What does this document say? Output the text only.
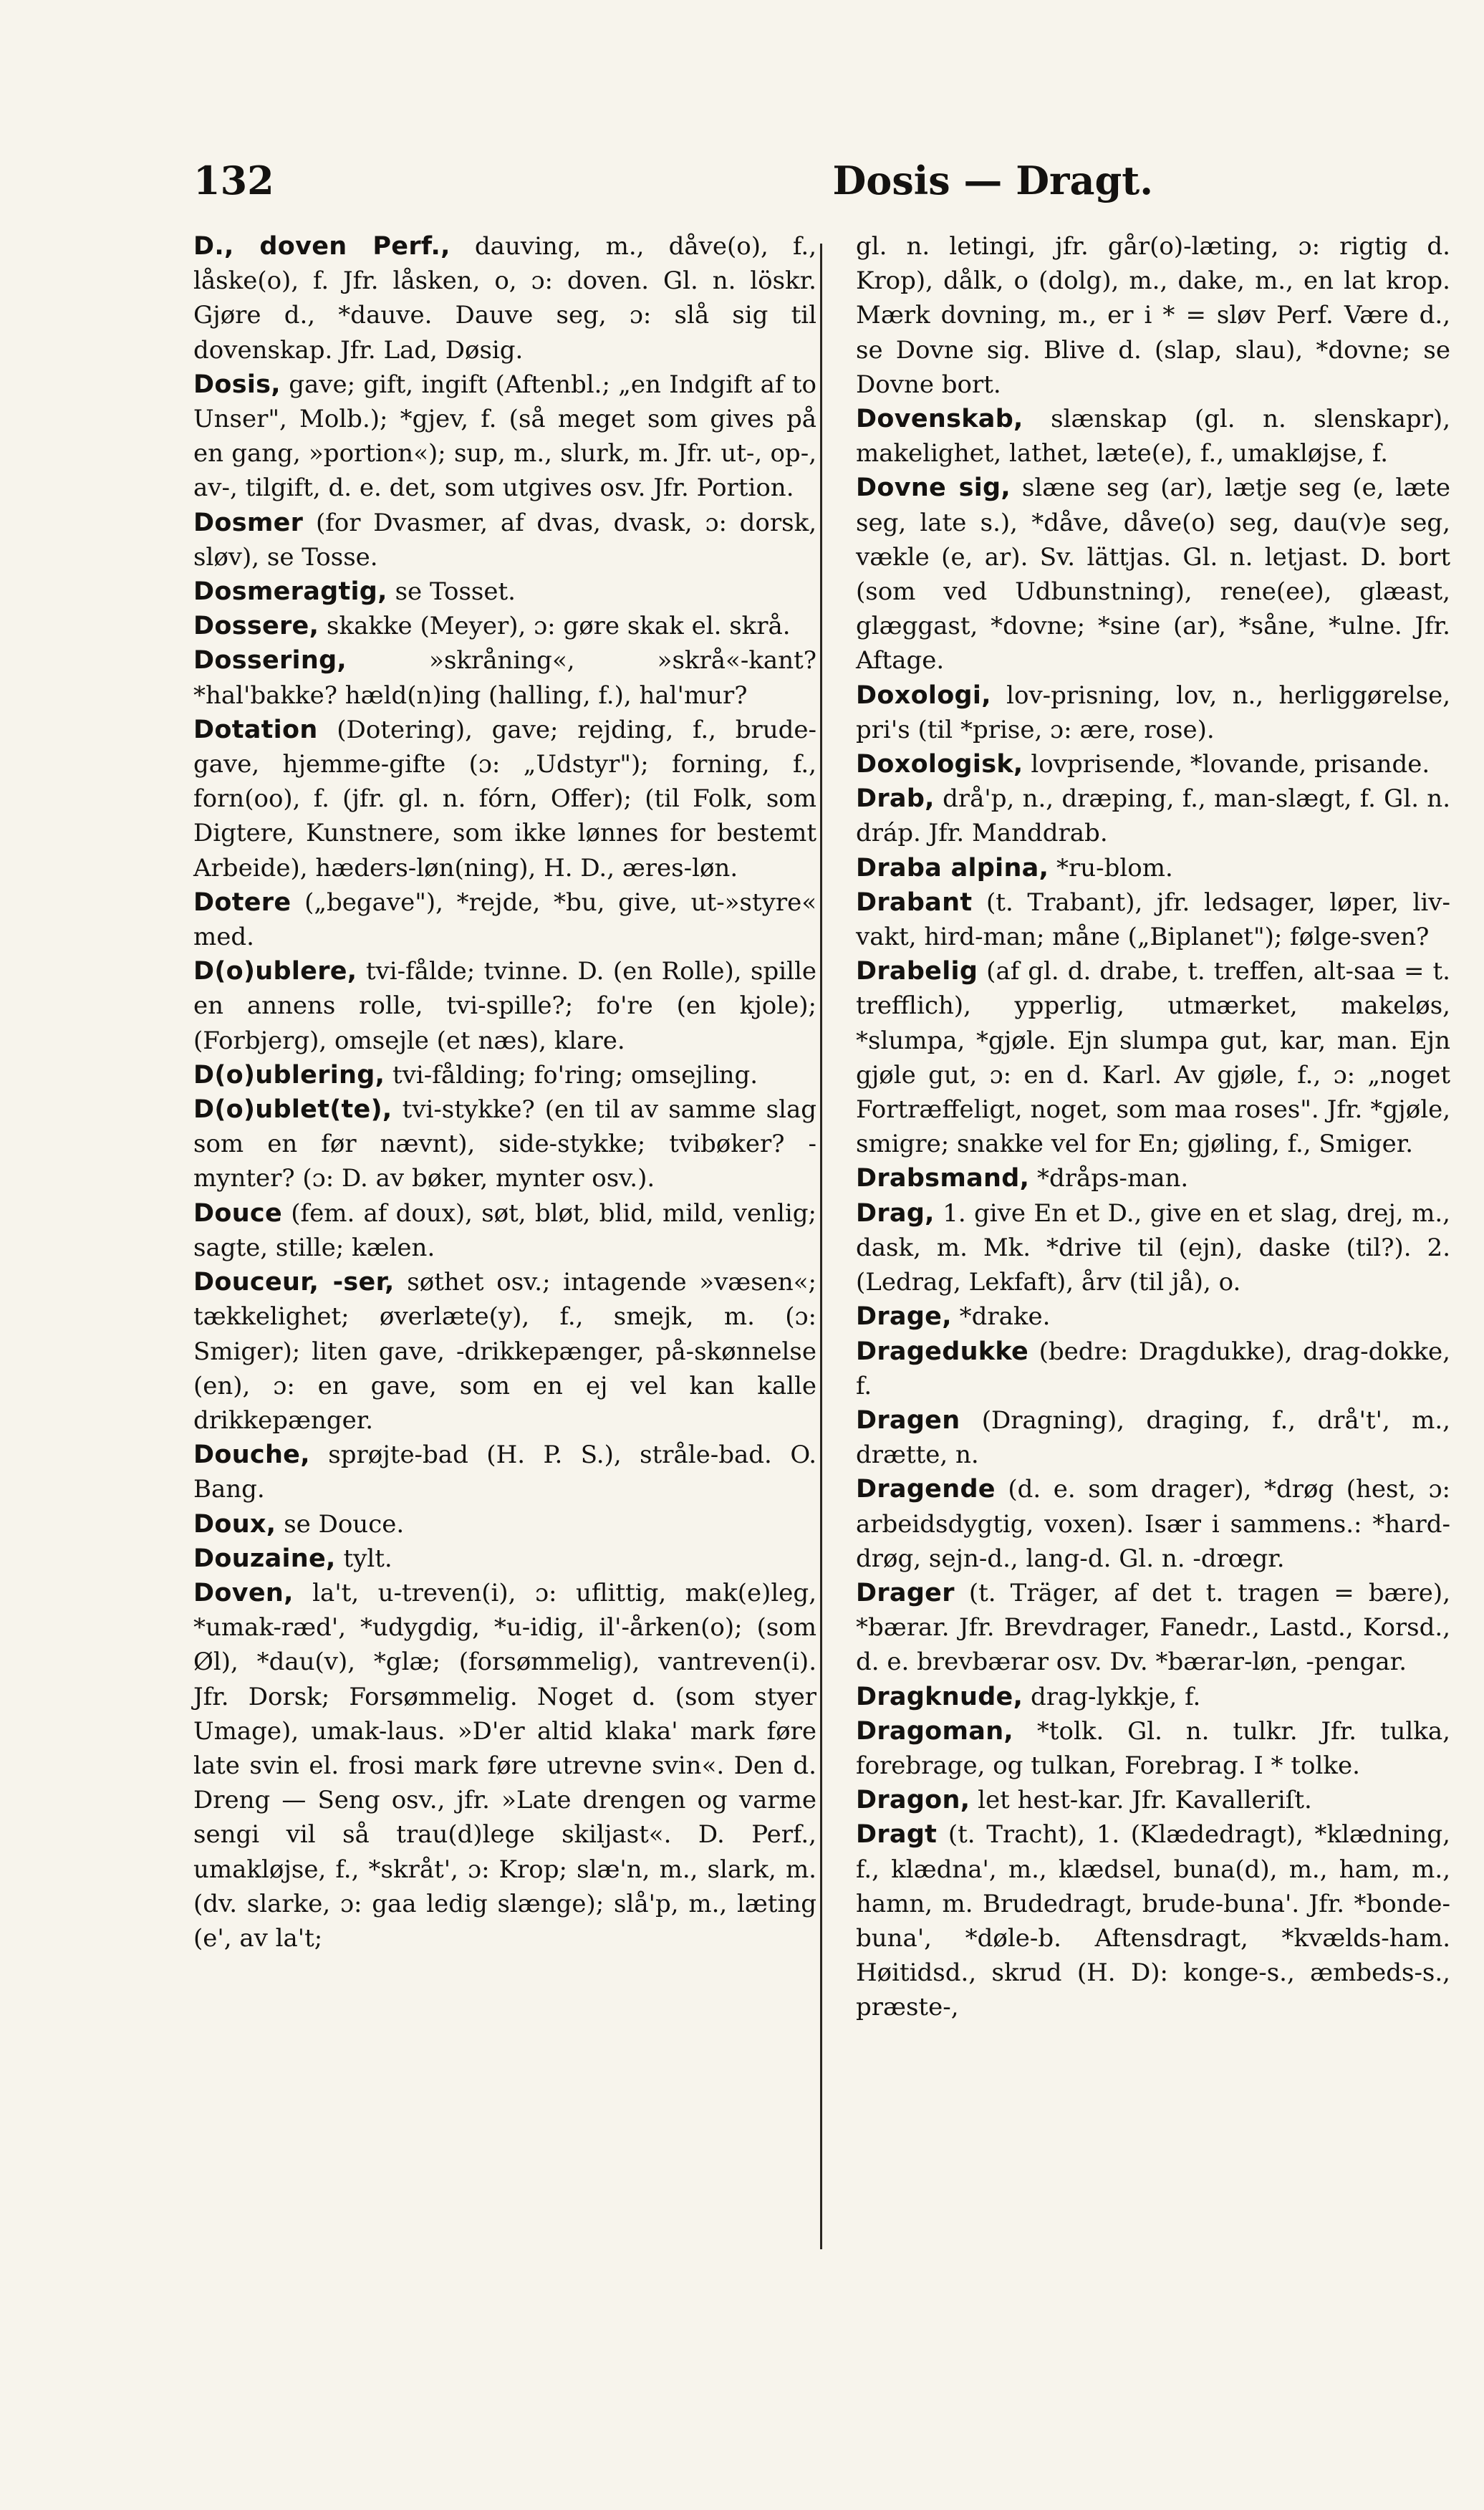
132	Dosis — Dragt.

D., doven Perf., dauving, m., dåve(o), f., låske(o), f. Jfr. låsken, o, ɔ: doven. Gl. n. löskr. Gjøre d., *dauve. Dauve seg, ɔ: slå sig til dovenskap. Jfr. Lad, Døsig.

Dosis, gave; gift, ingift (Aftenbl.; „en Indgift af to Unser", Molb.); *gjev, f. (så meget som gives på en gang, »portion«); sup, m., slurk, m. Jfr. ut-, op-, av-, tilgift, d. e. det, som utgives osv. Jfr. Portion.

Dosmer (for Dvasmer, af dvas, dvask, ɔ: dorsk, sløv), se Tosse.

Dosmeragtig, se Tosset.

Dossere, skakke (Meyer), ɔ: gøre skak el. skrå.

Dossering,	»skråning«, »skrå«-kant? *hal'bakke? hæld(n)ing (halling, f.), hal'mur?

Dotation (Dotering), gave; rejding, f., brude-gave, hjemme-gifte (ɔ: „Udstyr"); forning, f., forn(oo), f. (jfr. gl. n. fórn, Offer); (til Folk, som Digtere, Kunstnere, som ikke lønnes for bestemt Arbeide), hæders-løn(ning), H. D., æres-løn.

Dotere („begave"), *rejde, *bu, give, ut-»styre« med.

D(o)ublere, tvi-fålde; tvinne. D. (en Rolle), spille en annens rolle, tvi-spille?; fo're (en kjole); (Forbjerg), omsejle (et næs), klare.

D(o)ublering, tvi-fålding; fo'ring; omsejling.

D(o)ublet(te), tvi-stykke? (en til av samme slag som en før nævnt), side-stykke; tvibøker? -mynter? (ɔ: D. av bøker, mynter osv.).

Douce (fem. af doux), søt, bløt, blid, mild, venlig; sagte, stille; kælen.

Douceur, -ser, søthet osv.; intagende »væsen«; tækkelighet; øverlæte(y), f., smejk, m. (ɔ: Smiger); liten gave, -drikkepænger, på-skønnelse (en), ɔ: en gave, som en ej vel kan kalle drikkepænger.

Douche, sprøjte-bad (H. P. S.), stråle-bad. O. Bang.

Doux, se Douce.

Douzaine, tylt.

Doven, la't, u-treven(i), ɔ: uflittig, mak(e)leg, *umak-ræd', *udygdig, *u-idig, il'-årken(o); (som Øl), *dau(v), *glæ; (forsømmelig), vantreven(i). Jfr. Dorsk; Forsømmelig. Noget d. (som styer Umage), umak-laus. »D'er altid klaka' mark føre late svin el. frosi mark føre utrevne svin«. Den d. Dreng — Seng osv., jfr. »Late drengen og varme sengi vil så trau(d)lege skiljast«. D. Perf., umakløjse, f., *skråt', ɔ: Krop; slæ'n, m., slark, m. (dv. slarke, ɔ: gaa ledig slænge); slå'p, m., læting (e', av la't;

gl. n. letingi, jfr. går(o)-læting, ɔ: rigtig d. Krop), dålk, o (dolg), m., dake, m., en lat krop. Mærk dovning, m., er i * = sløv Perf. Være d., se Dovne sig. Blive d. (slap, slau), *dovne; se Dovne bort.

Dovenskab, slænskap (gl. n. slenskapr), makelighet, lathet, læte(e), f., umakløjse, f.

Dovne sig, slæne seg (ar), lætje seg (e, læte seg, late s.), *dåve, dåve(o) seg, dau(v)e seg, vækle (e, ar). Sv. lättjas. Gl. n. letjast. D. bort (som ved Udbunstning), rene(ee), glæast, glæggast, *dovne; *sine (ar), *såne, *ulne. Jfr. Aftage.

Doxologi, lov-prisning, lov, n., herliggørelse, pri's (til *prise, ɔ: ære, rose).

Doxologisk, lovprisende, *lovande, prisande.

Drab, drå'p, n., dræping, f., man-slægt, f. Gl. n. dráp. Jfr. Manddrab.

Draba alpina, *ru-blom.

Drabant (t. Trabant), jfr. ledsager, løper, liv-vakt, hird-man; måne („Biplanet"); følge-sven?

Drabelig (af gl. d. drabe, t. treffen, alt-saa = t. trefflich), ypperlig, utmærket, makeløs, *slumpa, *gjøle. Ejn slumpa gut, kar, man. Ejn gjøle gut, ɔ: en d. Karl. Av gjøle, f., ɔ: „noget Fortræffeligt, noget, som maa roses". Jfr. *gjøle, smigre; snakke vel for En; gjøling, f., Smiger.

Drabsmand, *dråps-man.

Drag, 1. give En et D., give en et slag, drej, m., dask, m. Mk. *drive til (ejn), daske (til?). 2. (Ledrag, Lekfaft), årv (til jå), o.

Drage, *drake.

Dragedukke (bedre: Dragdukke), drag-dokke, f.

Dragen (Dragning), draging, f., drå't', m., drætte, n.

Dragende (d. e. som drager), *drøg (hest, ɔ: arbeidsdygtig, voxen). Især i sammens.: *hard-drøg, sejn-d., lang-d. Gl. n. -drœgr.

Drager (t. Träger, af det t. tragen = bære), *bærar. Jfr. Brevdrager, Fanedr., Lastd., Korsd., d. e. brevbærar osv. Dv. *bærar-løn, -pengar.

Dragknude, drag-lykkje, f.

Dragoman, *tolk. Gl. n. tulkr. Jfr. tulka, forebrage, og tulkan, Forebrag. I * tolke.

Dragon, let hest-kar. Jfr. Kavalleriſt.

Dragt (t. Tracht), 1. (Klædedragt), *klædning, f., klædna', m., klædsel, buna(d), m., ham, m., hamn, m. Brudedragt, brude-buna'. Jfr. *bonde-buna', *døle-b. Aftensdragt, *kvælds-ham. Høitidsd., skrud (H. D): konge-s., æmbeds-s., præste-,
